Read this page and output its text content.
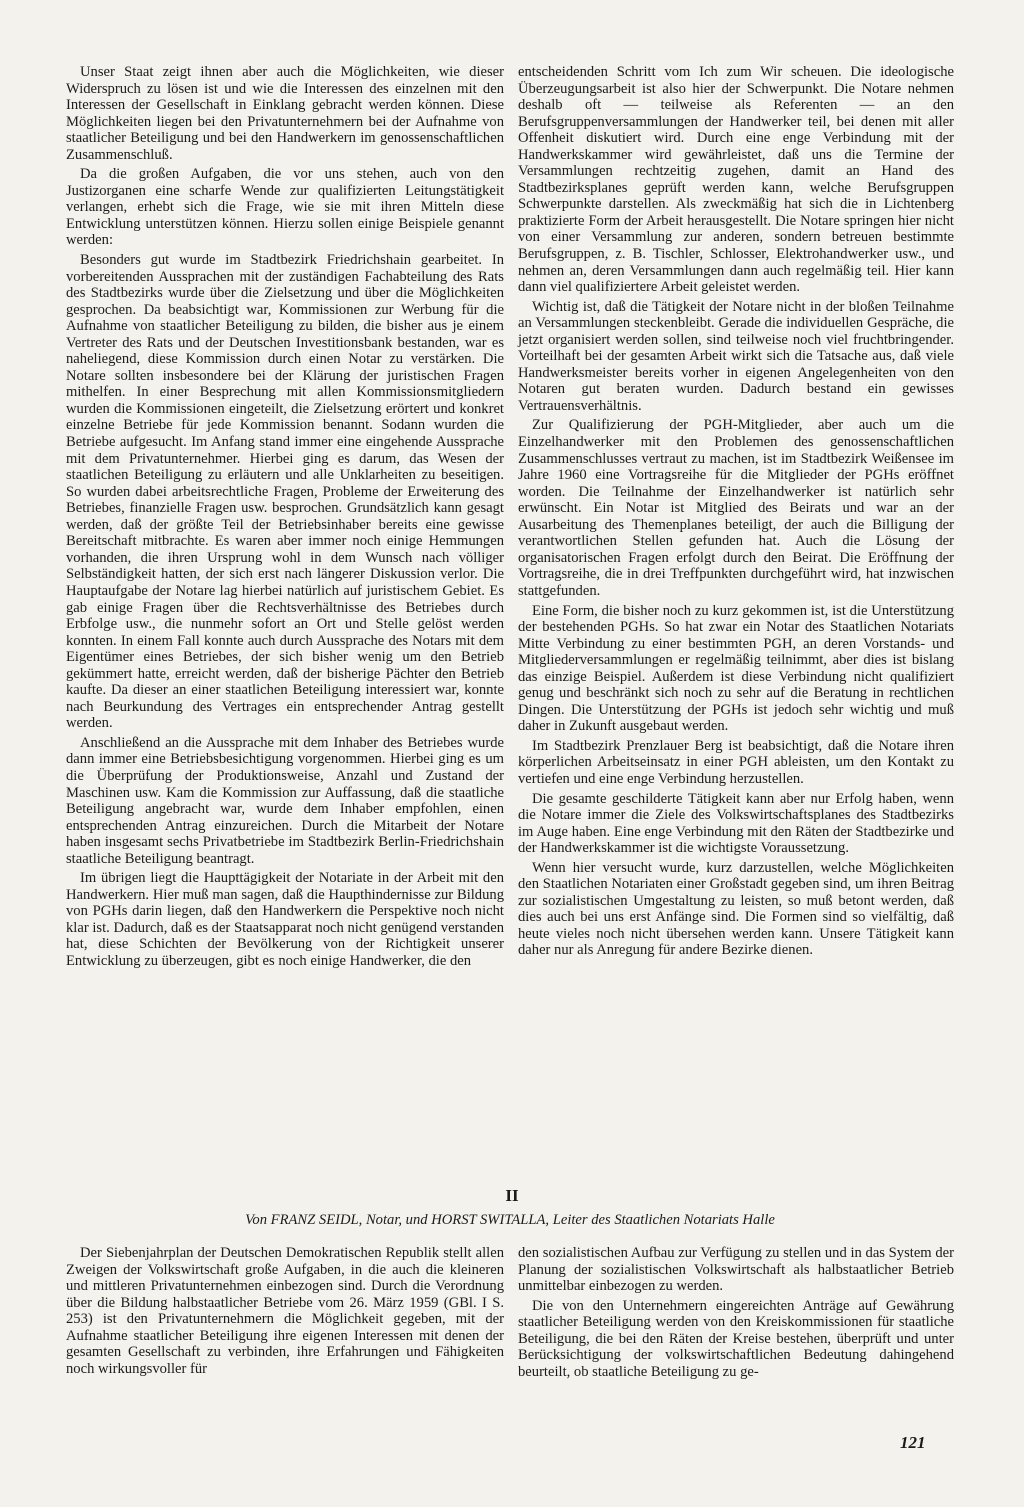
Unser Staat zeigt ihnen aber auch die Möglichkeiten, wie dieser Widerspruch zu lösen ist und wie die Interessen des einzelnen mit den Interessen der Gesellschaft in Einklang gebracht werden können. Diese Möglichkeiten liegen bei den Privatunternehmern bei der Aufnahme von staatlicher Beteiligung und bei den Handwerkern im genossenschaftlichen Zusammenschluß.

Da die großen Aufgaben, die vor uns stehen, auch von den Justizorganen eine scharfe Wende zur qualifizierten Leitungstätigkeit verlangen, erhebt sich die Frage, wie sie mit ihren Mitteln diese Entwicklung unterstützen können. Hierzu sollen einige Beispiele genannt werden:

Besonders gut wurde im Stadtbezirk Friedrichshain gearbeitet. In vorbereitenden Aussprachen mit der zuständigen Fachabteilung des Rats des Stadtbezirks wurde über die Zielsetzung und über die Möglichkeiten gesprochen. Da beabsichtigt war, Kommissionen zur Werbung für die Aufnahme von staatlicher Beteiligung zu bilden, die bisher aus je einem Vertreter des Rats und der Deutschen Investitionsbank bestanden, war es naheliegend, diese Kommission durch einen Notar zu verstärken. Die Notare sollten insbesondere bei der Klärung der juristischen Fragen mithelfen. In einer Besprechung mit allen Kommissionsmitgliedern wurden die Kommissionen eingeteilt, die Zielsetzung erörtert und konkret einzelne Betriebe für jede Kommission benannt. Sodann wurden die Betriebe aufgesucht. Im Anfang stand immer eine eingehende Aussprache mit dem Privatunternehmer. Hierbei ging es darum, das Wesen der staatlichen Beteiligung zu erläutern und alle Unklarheiten zu beseitigen. So wurden dabei arbeitsrechtliche Fragen, Probleme der Erweiterung des Betriebes, finanzielle Fragen usw. besprochen. Grundsätzlich kann gesagt werden, daß der größte Teil der Betriebsinhaber bereits eine gewisse Bereitschaft mitbrachte. Es waren aber immer noch einige Hemmungen vorhanden, die ihren Ursprung wohl in dem Wunsch nach völliger Selbständigkeit hatten, der sich erst nach längerer Diskussion verlor. Die Hauptaufgabe der Notare lag hierbei natürlich auf juristischem Gebiet. Es gab einige Fragen über die Rechtsverhältnisse des Betriebes durch Erbfolge usw., die nunmehr sofort an Ort und Stelle gelöst werden konnten. In einem Fall konnte auch durch Aussprache des Notars mit dem Eigentümer eines Betriebes, der sich bisher wenig um den Betrieb gekümmert hatte, erreicht werden, daß der bisherige Pächter den Betrieb kaufte. Da dieser an einer staatlichen Beteiligung interessiert war, konnte nach Beurkundung des Vertrages ein entsprechender Antrag gestellt werden.

Anschließend an die Aussprache mit dem Inhaber des Betriebes wurde dann immer eine Betriebsbesichtigung vorgenommen. Hierbei ging es um die Überprüfung der Produktionsweise, Anzahl und Zustand der Maschinen usw. Kam die Kommission zur Auffassung, daß die staatliche Beteiligung angebracht war, wurde dem Inhaber empfohlen, einen entsprechenden Antrag einzureichen. Durch die Mitarbeit der Notare haben insgesamt sechs Privatbetriebe im Stadtbezirk Berlin-Friedrichshain staatliche Beteiligung beantragt.

Im übrigen liegt die Haupttägigkeit der Notariate in der Arbeit mit den Handwerkern. Hier muß man sagen, daß die Haupthindernisse zur Bildung von PGHs darin liegen, daß den Handwerkern die Perspektive noch nicht klar ist. Dadurch, daß es der Staatsapparat noch nicht genügend verstanden hat, diese Schichten der Bevölkerung von der Richtigkeit unserer Entwicklung zu überzeugen, gibt es noch einige Handwerker, die den

entscheidenden Schritt vom Ich zum Wir scheuen. Die ideologische Überzeugungsarbeit ist also hier der Schwerpunkt. Die Notare nehmen deshalb oft — teilweise als Referenten — an den Berufsgruppenversammlungen der Handwerker teil, bei denen mit aller Offenheit diskutiert wird. Durch eine enge Verbindung mit der Handwerkskammer wird gewährleistet, daß uns die Termine der Versammlungen rechtzeitig zugehen, damit an Hand des Stadtbezirksplanes geprüft werden kann, welche Berufsgruppen Schwerpunkte darstellen. Als zweckmäßig hat sich die in Lichtenberg praktizierte Form der Arbeit herausgestellt. Die Notare springen hier nicht von einer Versammlung zur anderen, sondern betreuen bestimmte Berufsgruppen, z. B. Tischler, Schlosser, Elektrohandwerker usw., und nehmen an, deren Versammlungen dann auch regelmäßig teil. Hier kann dann viel qualifiziertere Arbeit geleistet werden.

Wichtig ist, daß die Tätigkeit der Notare nicht in der bloßen Teilnahme an Versammlungen steckenbleibt. Gerade die individuellen Gespräche, die jetzt organisiert werden sollen, sind teilweise noch viel fruchtbringender. Vorteilhaft bei der gesamten Arbeit wirkt sich die Tatsache aus, daß viele Handwerksmeister bereits vorher in eigenen Angelegenheiten von den Notaren gut beraten wurden. Dadurch bestand ein gewisses Vertrauensverhältnis.

Zur Qualifizierung der PGH-Mitglieder, aber auch um die Einzelhandwerker mit den Problemen des genossenschaftlichen Zusammenschlusses vertraut zu machen, ist im Stadtbezirk Weißensee im Jahre 1960 eine Vortragsreihe für die Mitglieder der PGHs eröffnet worden. Die Teilnahme der Einzelhandwerker ist natürlich sehr erwünscht. Ein Notar ist Mitglied des Beirats und war an der Ausarbeitung des Themenplanes beteiligt, der auch die Billigung der verantwortlichen Stellen gefunden hat. Auch die Lösung der organisatorischen Fragen erfolgt durch den Beirat. Die Eröffnung der Vortragsreihe, die in drei Treffpunkten durchgeführt wird, hat inzwischen stattgefunden.

Eine Form, die bisher noch zu kurz gekommen ist, ist die Unterstützung der bestehenden PGHs. So hat zwar ein Notar des Staatlichen Notariats Mitte Verbindung zu einer bestimmten PGH, an deren Vorstands- und Mitgliederversammlungen er regelmäßig teilnimmt, aber dies ist bislang das einzige Beispiel. Außerdem ist diese Verbindung nicht qualifiziert genug und beschränkt sich noch zu sehr auf die Beratung in rechtlichen Dingen. Die Unterstützung der PGHs ist jedoch sehr wichtig und muß daher in Zukunft ausgebaut werden.

Im Stadtbezirk Prenzlauer Berg ist beabsichtigt, daß die Notare ihren körperlichen Arbeitseinsatz in einer PGH ableisten, um den Kontakt zu vertiefen und eine enge Verbindung herzustellen.

Die gesamte geschilderte Tätigkeit kann aber nur Erfolg haben, wenn die Notare immer die Ziele des Volkswirtschaftsplanes des Stadtbezirks im Auge haben. Eine enge Verbindung mit den Räten der Stadtbezirke und der Handwerkskammer ist die wichtigste Voraussetzung.

Wenn hier versucht wurde, kurz darzustellen, welche Möglichkeiten den Staatlichen Notariaten einer Großstadt gegeben sind, um ihren Beitrag zur sozialistischen Umgestaltung zu leisten, so muß betont werden, daß dies auch bei uns erst Anfänge sind. Die Formen sind so vielfältig, daß heute vieles noch nicht übersehen werden kann. Unsere Tätigkeit kann daher nur als Anregung für andere Bezirke dienen.

II
Von FRANZ SEIDL, Notar, und HORST SWITALLA, Leiter des Staatlichen Notariats Halle

Der Siebenjahrplan der Deutschen Demokratischen Republik stellt allen Zweigen der Volkswirtschaft große Aufgaben, in die auch die kleineren und mittleren Privatunternehmen einbezogen sind. Durch die Verordnung über die Bildung halbstaatlicher Betriebe vom 26. März 1959 (GBl. I S. 253) ist den Privatunternehmern die Möglichkeit gegeben, mit der Aufnahme staatlicher Beteiligung ihre eigenen Interessen mit denen der gesamten Gesellschaft zu verbinden, ihre Erfahrungen und Fähigkeiten noch wirkungsvoller für

den sozialistischen Aufbau zur Verfügung zu stellen und in das System der Planung der sozialistischen Volkswirtschaft als halbstaatlicher Betrieb unmittelbar einbezogen zu werden.

Die von den Unternehmern eingereichten Anträge auf Gewährung staatlicher Beteiligung werden von den Kreiskommissionen für staatliche Beteiligung, die bei den Räten der Kreise bestehen, überprüft und unter Berücksichtigung der volkswirtschaftlichen Bedeutung dahingehend beurteilt, ob staatliche Beteiligung zu ge-

121
